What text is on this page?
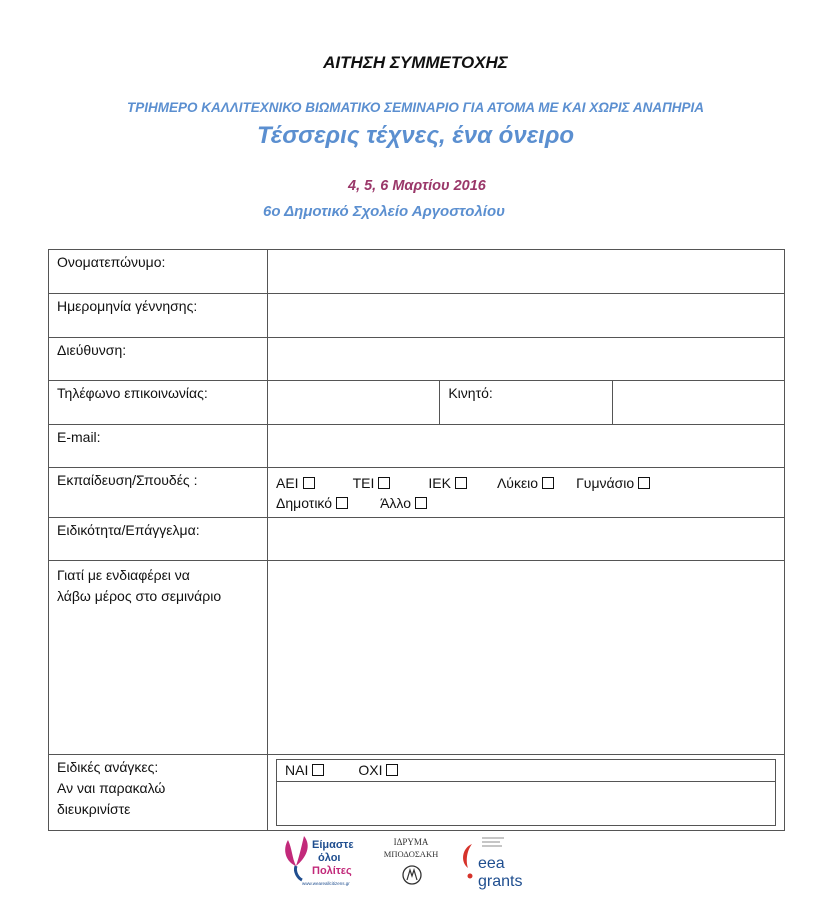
ΑΙΤΗΣΗ ΣΥΜΜΕΤΟΧΗΣ
ΤΡΙΗΜΕΡΟ ΚΑΛΛΙΤΕΧΝΙΚΟ ΒΙΩΜΑΤΙΚΟ ΣΕΜΙΝΑΡΙΟ ΓΙΑ ΑΤΟΜΑ ΜΕ ΚΑΙ ΧΩΡΙΣ ΑΝΑΠΗΡΙΑ
Τέσσερις τέχνες, ένα όνειρο
4, 5, 6 Μαρτίου 2016
6ο Δημοτικό Σχολείο Αργοστολίου
Ονοματεπώνυμο:	
Ημερομηνία γέννησης:	
Διεύθυνση:	
Τηλέφωνο επικοινωνίας:		Κινητό:	
E-mail:	
Εκπαίδευση/Σπουδές :	ΑΕΙ	ΤΕΙ	ΙΕΚ	Λύκειο	Γυμνάσιο
Δημοτικό	Άλλο
Ειδικότητα/Επάγγελμα:	

Γιατί με ενδιαφέρει να
λάβω μέρος στο σεμινάριο

Ειδικές ανάγκες:
Αν ναι παρακαλώ
διευκρινίστε

ΝΑΙ	ΟΧΙ

Είμαστε
όλοι
Πολίτες
www.weareallcitizens.gr
ΙΔΡΥΜΑ
ΜΠΟΔΟΣΑΚΗ
eea
grants
